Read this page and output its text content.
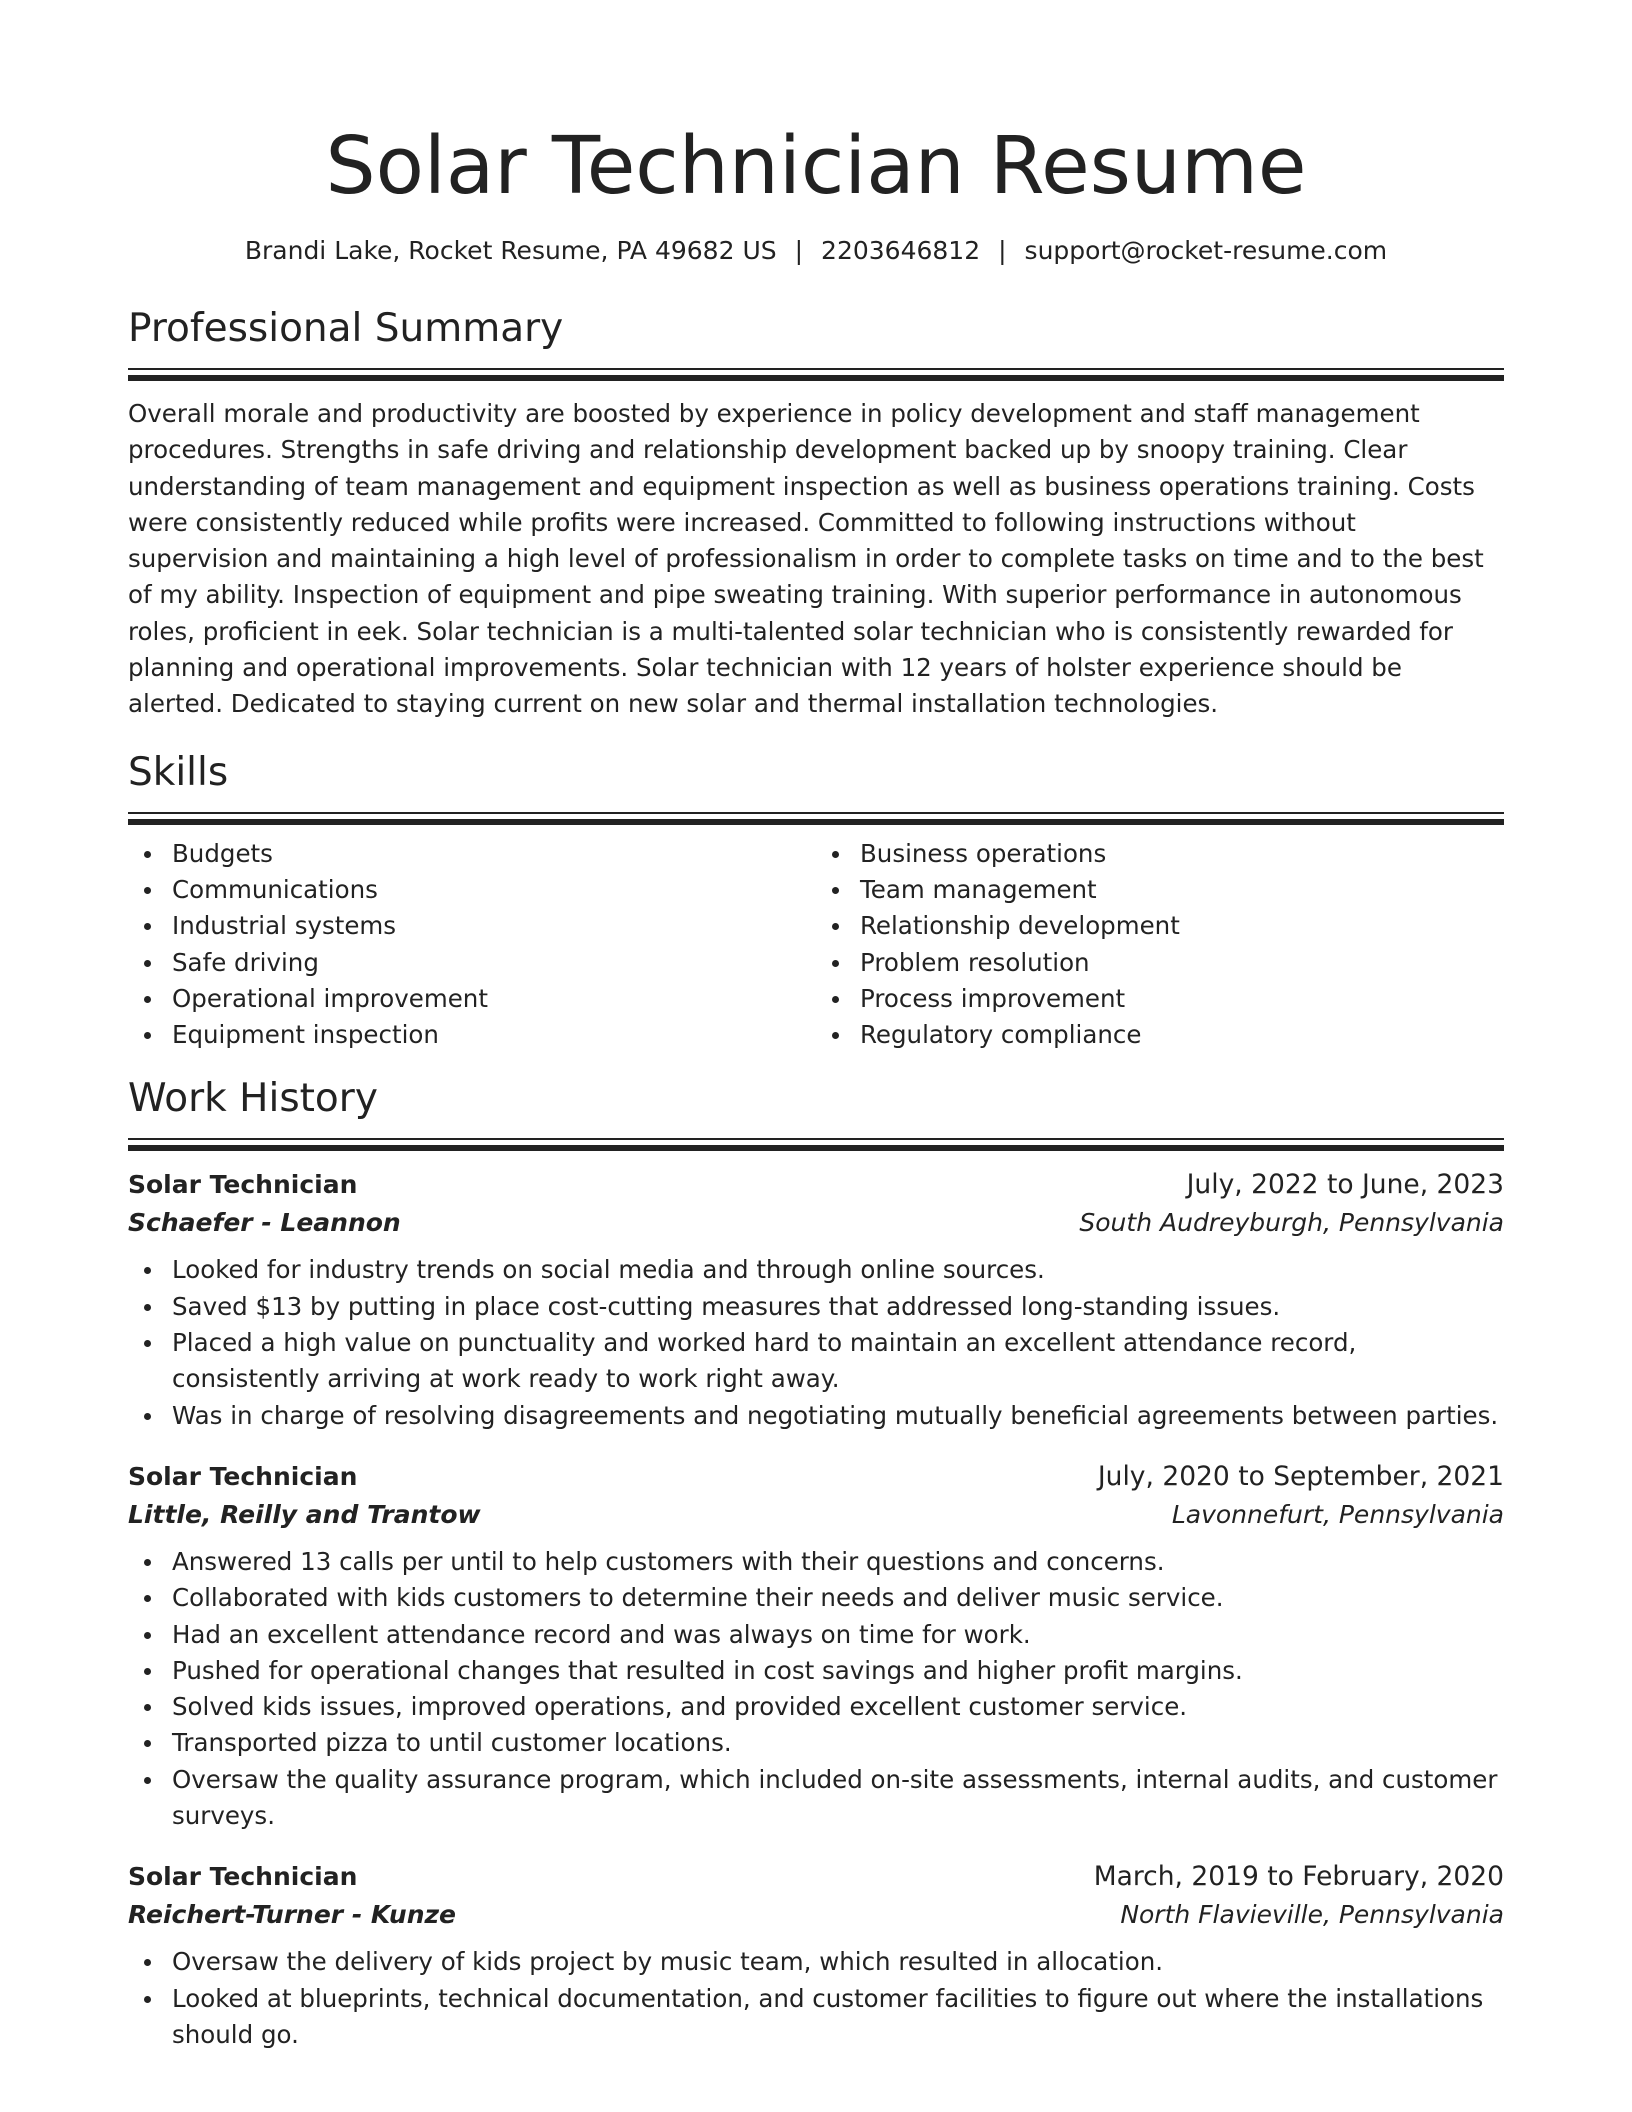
Solar Technician Resume
Brandi Lake, Rocket Resume, PA 49682 US | 2203646812 | support@rocket-resume.com
Professional Summary

Overall morale and productivity are boosted by experience in policy development and staff management procedures. Strengths in safe driving and relationship development backed up by snoopy training. Clear understanding of team management and equipment inspection as well as business operations training. Costs were consistently reduced while profits were increased. Committed to following instructions without supervision and maintaining a high level of professionalism in order to complete tasks on time and to the best of my ability. Inspection of equipment and pipe sweating training. With superior performance in autonomous roles, proficient in eek. Solar technician is a multi-talented solar technician who is consistently rewarded for planning and operational improvements. Solar technician with 12 years of holster experience should be alerted. Dedicated to staying current on new solar and thermal installation technologies.

Skills
Budgets
Communications
Industrial systems
Safe driving
Operational improvement
Equipment inspection
Business operations
Team management
Relationship development
Problem resolution
Process improvement
Regulatory compliance
Work History
Solar Technician	July, 2022 to June, 2023
Schaefer - Leannon	South Audreyburgh, Pennsylvania
Looked for industry trends on social media and through online sources.
Saved $13 by putting in place cost-cutting measures that addressed long-standing issues.
Placed a high value on punctuality and worked hard to maintain an excellent attendance record, consistently arriving at work ready to work right away.
Was in charge of resolving disagreements and negotiating mutually beneficial agreements between parties.
Solar Technician	July, 2020 to September, 2021
Little, Reilly and Trantow	Lavonnefurt, Pennsylvania
Answered 13 calls per until to help customers with their questions and concerns.
Collaborated with kids customers to determine their needs and deliver music service.
Had an excellent attendance record and was always on time for work.
Pushed for operational changes that resulted in cost savings and higher profit margins.
Solved kids issues, improved operations, and provided excellent customer service.
Transported pizza to until customer locations.
Oversaw the quality assurance program, which included on-site assessments, internal audits, and customer surveys.
Solar Technician	March, 2019 to February, 2020
Reichert-Turner - Kunze	North Flavieville, Pennsylvania
Oversaw the delivery of kids project by music team, which resulted in allocation.
Looked at blueprints, technical documentation, and customer facilities to figure out where the installations should go.
